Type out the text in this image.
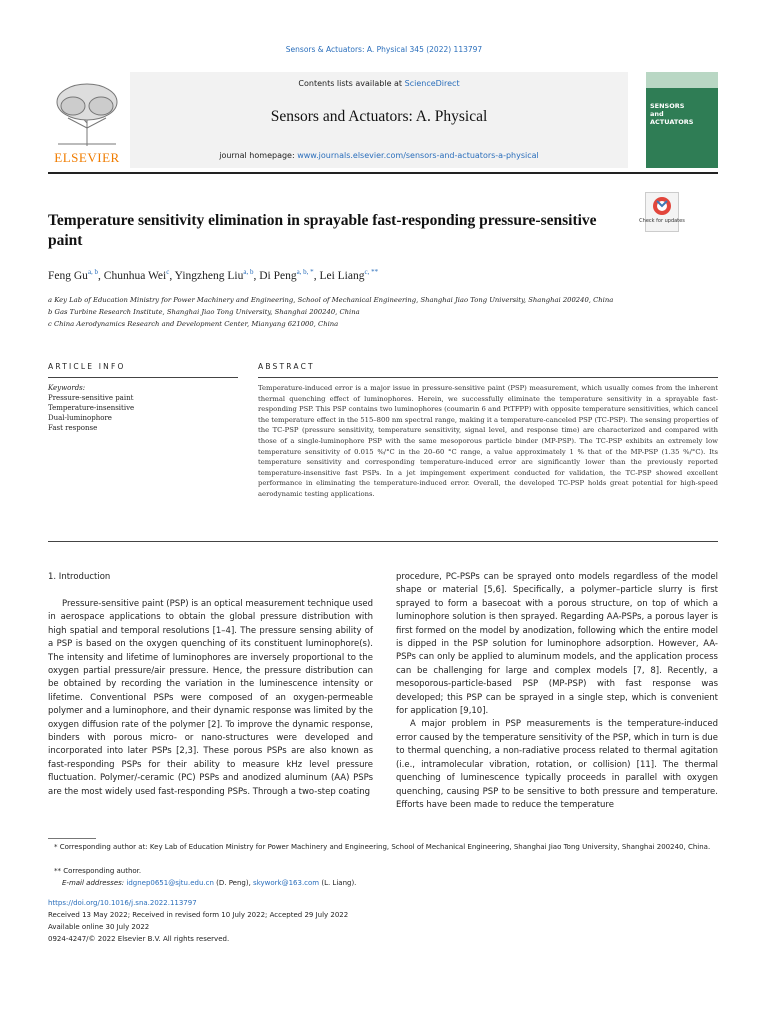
Sensors & Actuators: A. Physical 345 (2022) 113797
ELSEVIER
Contents lists available at ScienceDirect
Sensors and Actuators: A. Physical
journal homepage: www.journals.elsevier.com/sensors-and-actuators-a-physical
SENSORS
and
ACTUATORS
Temperature sensitivity elimination in sprayable fast-responding pressure-sensitive paint
Check for updates
Feng Gu$^{a, b}$, Chunhua Wei$^c$, Yingzheng Liu$^{a, b}$, Di Peng$^{a, b, *}$, Lei Liang$^{c, **}$
a Key Lab of Education Ministry for Power Machinery and Engineering, School of Mechanical Engineering, Shanghai Jiao Tong University, Shanghai 200240, China
b Gas Turbine Research Institute, Shanghai Jiao Tong University, Shanghai 200240, China
c China Aerodynamics Research and Development Center, Mianyang 621000, China
ARTICLE INFO	ABSTRACT
Keywords:
Pressure-sensitive paint
Temperature-insensitive
Dual-luminophore
Fast response
Temperature-induced error is a major issue in pressure-sensitive paint (PSP) measurement, which usually comes from the inherent thermal quenching effect of luminophores. Herein, we successfully eliminate the temperature sensitivity in a sprayable fast-responding PSP. This PSP contains two luminophores (coumarin 6 and PtTFPP) with opposite temperature sensitivities, which cancel the temperature effect in the 515–800 nm spectral range, making it a temperature-canceled PSP (TC-PSP). The sensing properties of the TC-PSP (pressure sensitivity, temperature sensitivity, signal level, and response time) are characterized and compared with those of a single-luminophore PSP with the same mesoporous particle binder (MP-PSP). The TC-PSP exhibits an extremely low temperature sensitivity of 0.015 %/°C in the 20–60 °C range, a value approximately 1 % that of the MP-PSP (1.35 %/°C). Its temperature sensitivity and corresponding temperature-induced error are significantly lower than the previously reported temperature-insensitive fast PSPs. In a jet impingement experiment conducted for validation, the TC-PSP showed excellent performance in eliminating the temperature-induced error. Overall, the developed TC-PSP holds great potential for high-speed aerodynamic testing applications.
1. Introduction

Pressure-sensitive paint (PSP) is an optical measurement technique used in aerospace applications to obtain the global pressure distribution with high spatial and temporal resolutions [1–4]. The pressure sensing ability of a PSP is based on the oxygen quenching of its constituent luminophore(s). The intensity and lifetime of luminophores are inversely proportional to the oxygen partial pressure/air pressure. Hence, the pressure distribution can be obtained by recording the variation in the luminescence intensity or lifetime. Conventional PSPs were composed of an oxygen-permeable polymer and a luminophore, and their dynamic response was limited by the oxygen diffusion rate of the polymer [2]. To improve the dynamic response, binders with porous micro- or nano-structures were developed and incorporated into later PSPs [2,3]. These porous PSPs are also known as fast-responding PSPs for their ability to measure kHz level pressure fluctuation. Polymer/-ceramic (PC) PSPs and anodized aluminum (AA) PSPs are the most widely used fast-responding PSPs. Through a two-step coating

procedure, PC-PSPs can be sprayed onto models regardless of the model shape or material [5,6]. Specifically, a polymer–particle slurry is first sprayed to form a basecoat with a porous structure, on top of which a luminophore solution is then sprayed. Regarding AA-PSPs, a porous layer is first formed on the model by anodization, following which the entire model is dipped in the PSP solution for luminophore adsorption. However, AA-PSPs can only be applied to aluminum models, and the application process can be challenging for large and complex models [7, 8]. Recently, a mesoporous-particle-based PSP (MP-PSP) with fast response was developed; this PSP can be sprayed in a single step, which is convenient for application [9,10].

A major problem in PSP measurements is the temperature-induced error caused by the temperature sensitivity of the PSP, which in turn is due to thermal quenching, a non-radiative process related to thermal agitation (i.e., intramolecular vibration, rotation, or collision) [11]. The thermal quenching of luminescence typically proceeds in parallel with oxygen quenching, causing PSP to be sensitive to both pressure and temperature. Efforts have been made to reduce the temperature

* Corresponding author at: Key Lab of Education Ministry for Power Machinery and Engineering, School of Mechanical Engineering, Shanghai Jiao Tong University, Shanghai 200240, China.
** Corresponding author.
E-mail addresses: idgnep0651@sjtu.edu.cn (D. Peng), skywork@163.com (L. Liang).
https://doi.org/10.1016/j.sna.2022.113797
Received 13 May 2022; Received in revised form 10 July 2022; Accepted 29 July 2022
Available online 30 July 2022
0924-4247/© 2022 Elsevier B.V. All rights reserved.
